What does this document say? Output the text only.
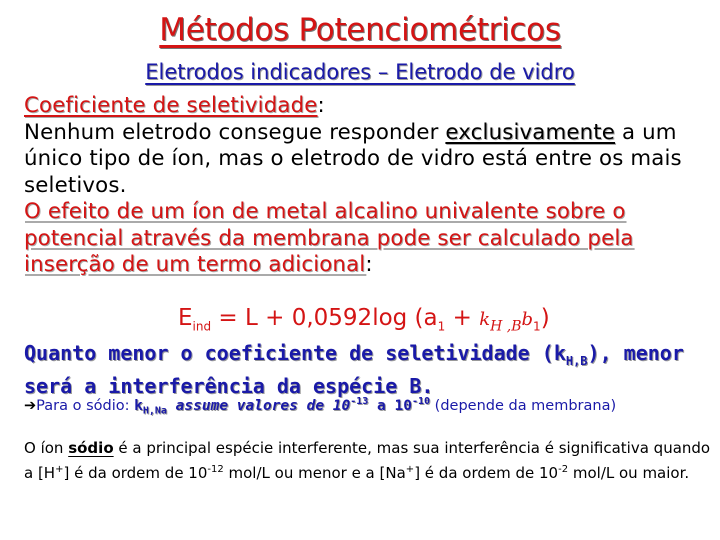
Métodos Potenciométricos
Eletrodos indicadores – Eletrodo de vidro
Coeficiente de seletividade:
Nenhum eletrodo consegue responder exclusivamente a um único tipo de íon, mas o eletrodo de vidro está entre os mais seletivos.
O efeito de um íon de metal alcalino univalente sobre o potencial através da membrana pode ser calculado pela inserção de um termo adicional:
$E_{ind} = L + 0,0592\log$ $(a_1 + k_{H ,B}b_1)$
Quanto menor o coeficiente de seletividade $(k_{H,B})$, menor será a interferência da espécie B.
➔Para o sódio: $k_{H,Na}$ assume valores de $10^{-13}$ a $10^{-10}$ (depende da membrana)
O íon sódio é a principal espécie interferente, mas sua interferência é significativa quando a [H+] é da ordem de $10^{-12}$ mol/L ou menor e a [Na+] é da ordem de $10^{-2}$ mol/L ou maior.
